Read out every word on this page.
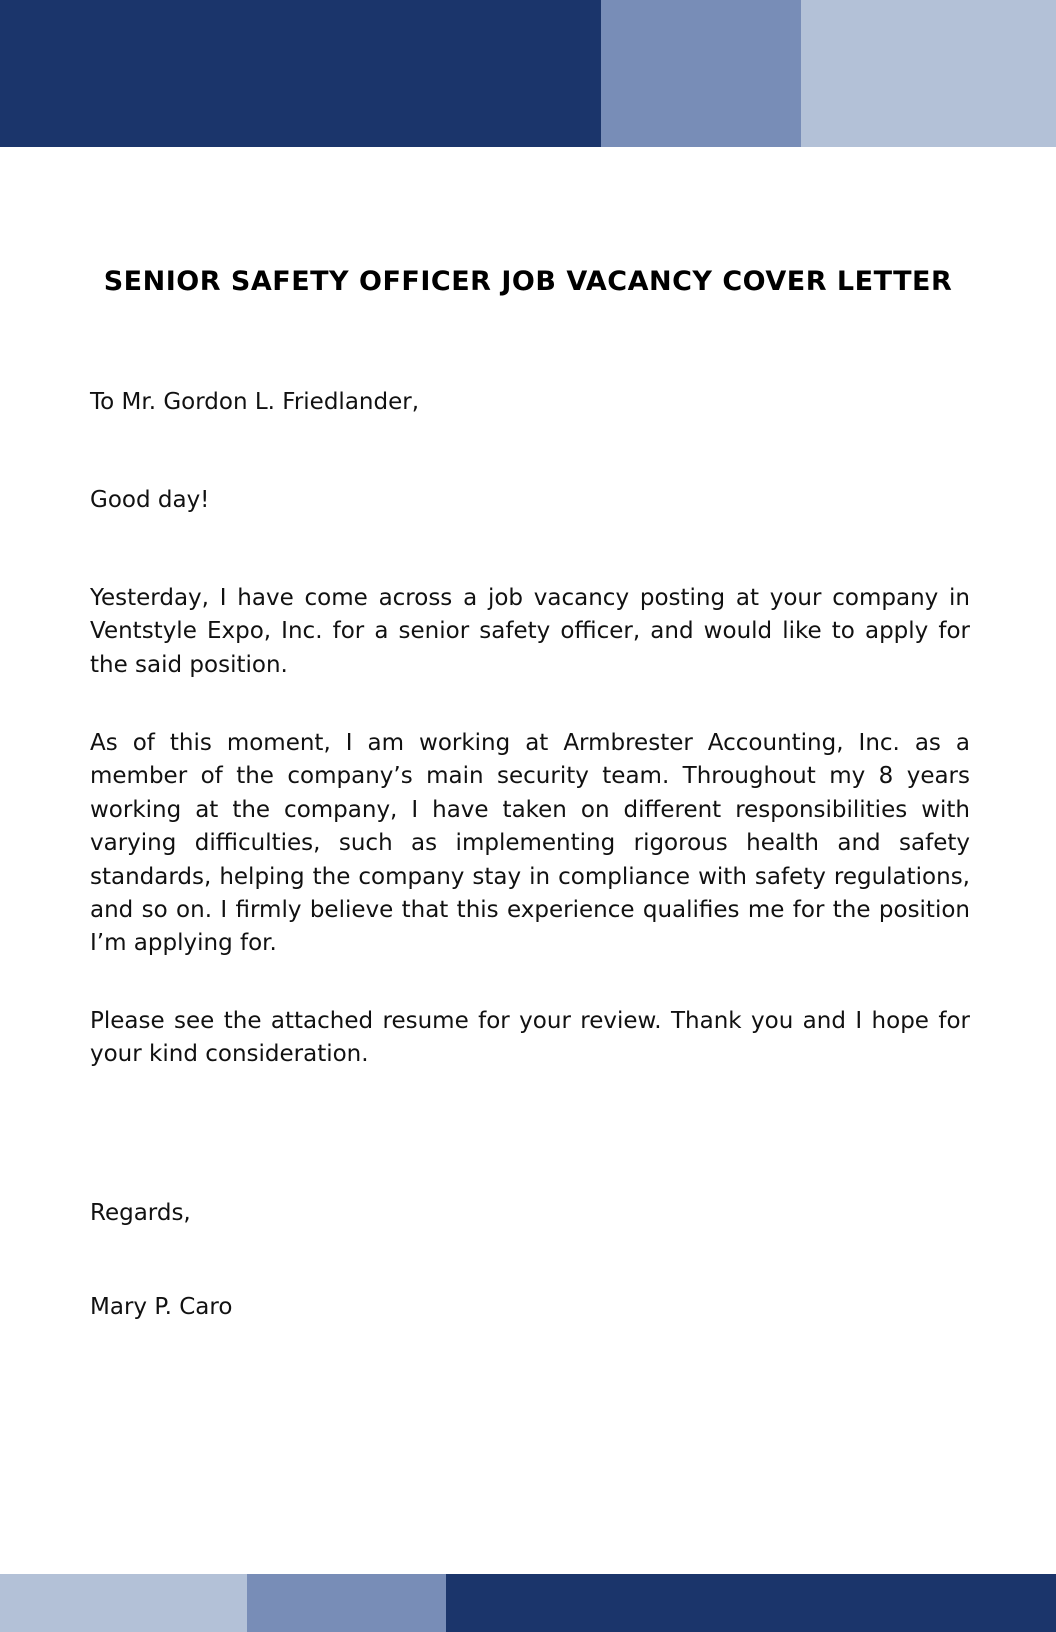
SENIOR SAFETY OFFICER JOB VACANCY COVER LETTER

To Mr. Gordon L. Friedlander,

Good day!

Yesterday, I have come across a job vacancy posting at your company in Ventstyle Expo, Inc. for a senior safety officer, and would like to apply for the said position.

As of this moment, I am working at Armbrester Accounting, Inc. as a member of the company’s main security team. Throughout my 8 years working at the company, I have taken on different responsibilities with varying difficulties, such as implementing rigorous health and safety standards, helping the company stay in compliance with safety regulations, and so on. I firmly believe that this experience qualifies me for the position I’m applying for.

Please see the attached resume for your review. Thank you and I hope for your kind consideration.

Regards,

Mary P. Caro
